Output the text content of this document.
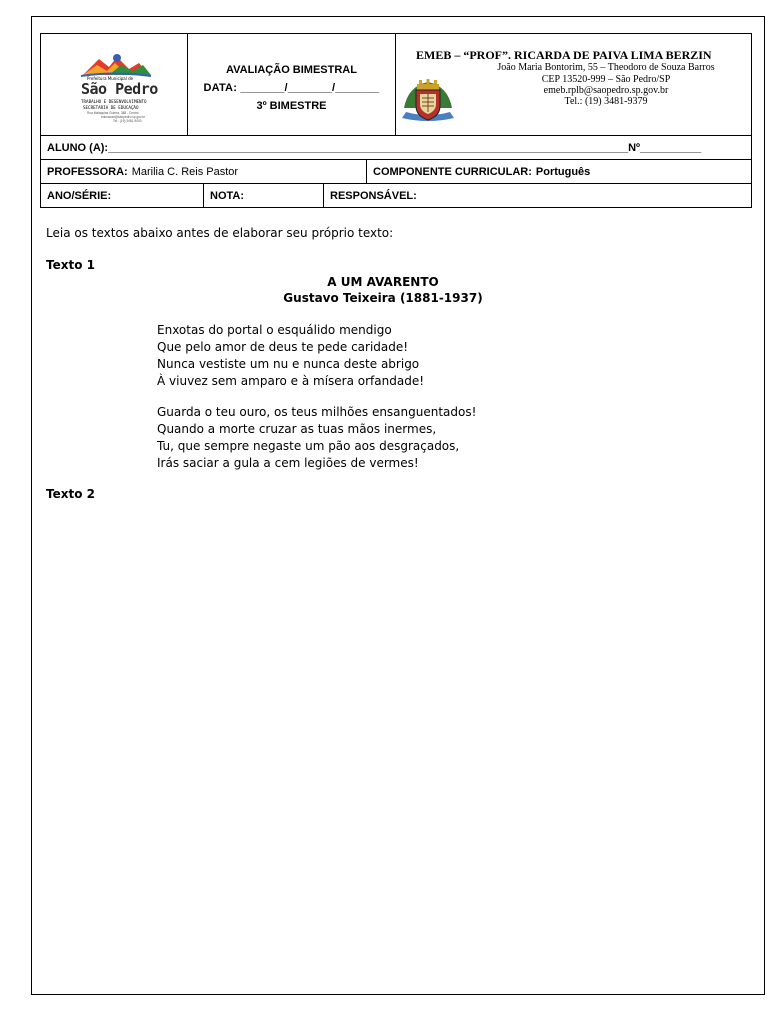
Prefeitura Municipal de
São Pedro
TRABALHO E DESENVOLVIMENTO
SECRETARIA DE EDUCAÇÃO
Rua Malaquias Guerra, 388 - Centro
educacao@saopedro.sp.gov.br
Tel.: (19) 3481-9000
AVALIAÇÃO BIMESTRAL
DATA: _______/_______/_______
3º BIMESTRE
EMEB – “PROF”. RICARDA DE PAIVA LIMA BERZIN
João Maria Bontorim, 55 – Theodoro de Souza Barros
CEP 13520-999 – São Pedro/SP
emeb.rplb@saopedro.sp.gov.br
Tel.: (19) 3481-9379
ALUNO (A):_____________________________________________________________________________________Nº__________
PROFESSORA: Marilia C. Reis Pastor	COMPONENTE CURRICULAR: Português
ANO/SÉRIE:	NOTA:	RESPONSÁVEL:
Leia os textos abaixo antes de elaborar seu próprio texto:
Texto 1
A UM AVARENTO
Gustavo Teixeira (1881-1937)
Enxotas do portal o esquálido mendigo
Que pelo amor de deus te pede caridade!
Nunca vestiste um nu e nunca deste abrigo
À viuvez sem amparo e à mísera orfandade!
Guarda o teu ouro, os teus milhões ensanguentados!
Quando a morte cruzar as tuas mãos inermes,
Tu, que sempre negaste um pão aos desgraçados,
Irás saciar a gula a cem legiões de vermes!
Texto 2
